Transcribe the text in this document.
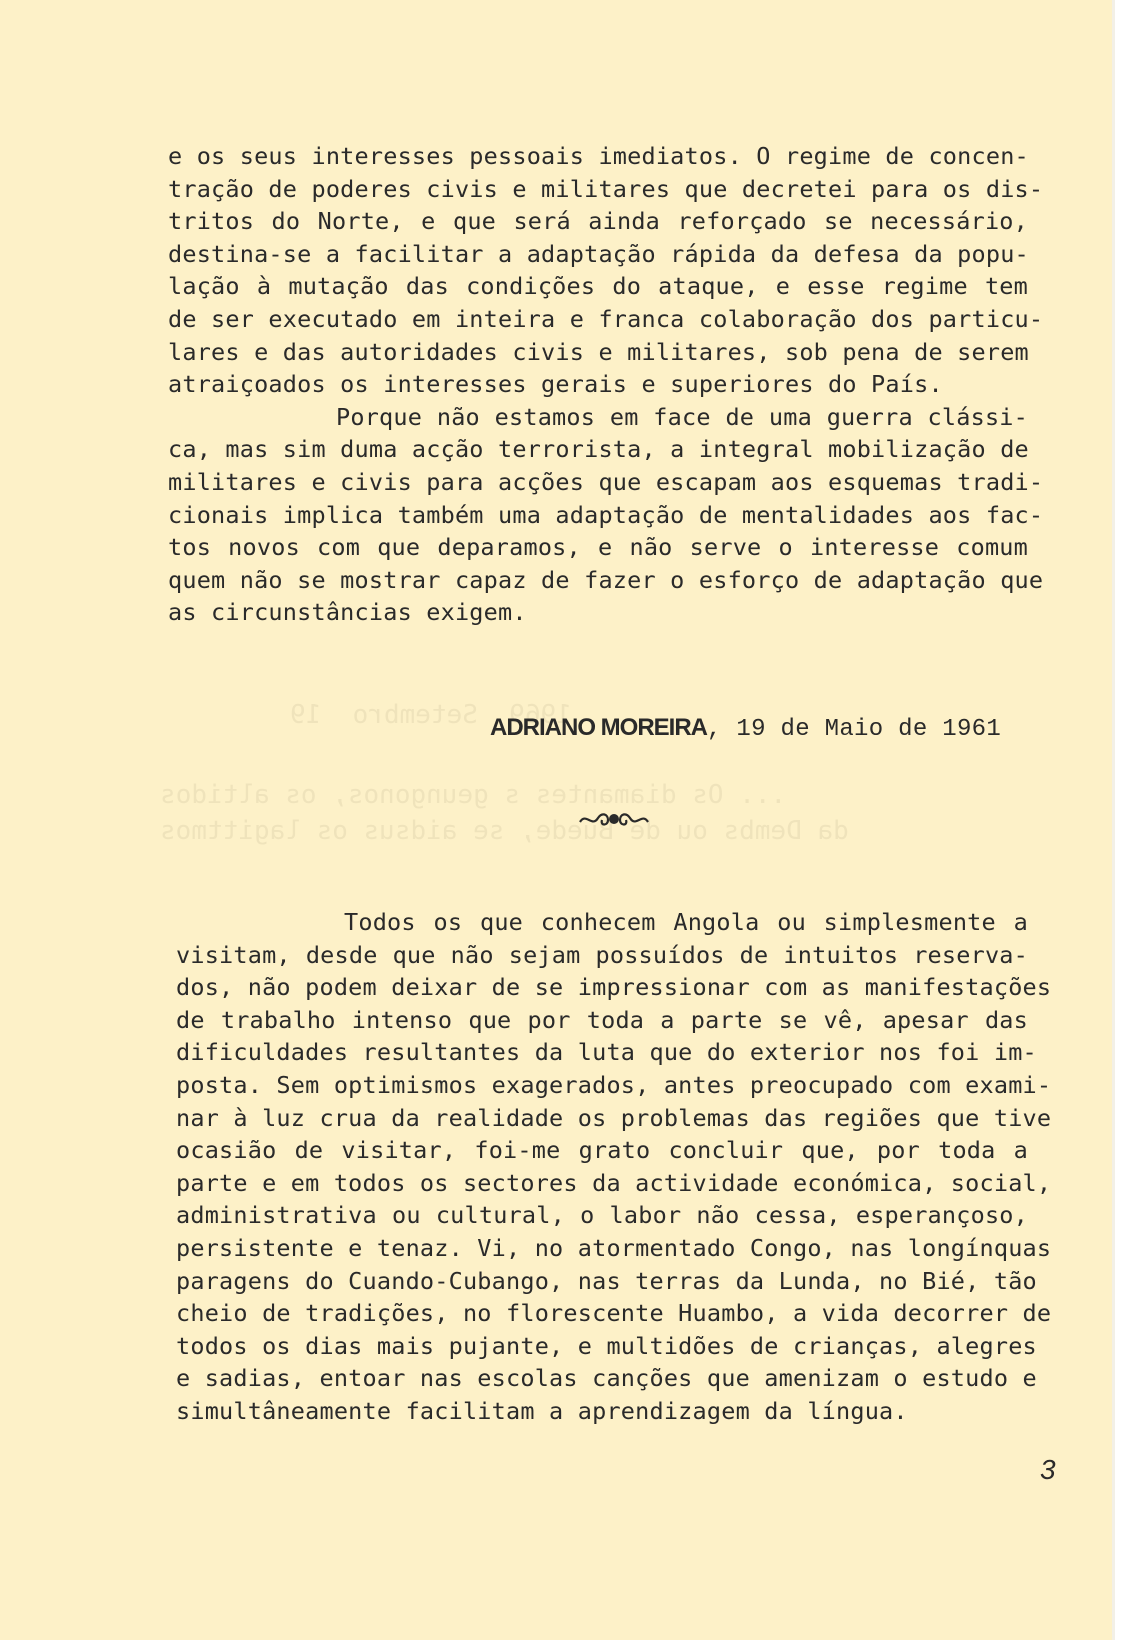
1969  Setembro  19
... Os diamantes s geungonos, os altidos
da Dembs ou de Buede, se aidsus os lagittmos
e os seus interesses pessoais imediatos. O regime de concen-
tração de poderes civis e militares que decretei para os dis-
tritos do Norte, e que será ainda reforçado se necessário,
destina-se a facilitar a adaptação rápida da defesa da popu-
lação à mutação das condições do ataque, e esse regime tem
de ser executado em inteira e franca colaboração dos particu-
lares e das autoridades civis e militares, sob pena de serem
atraiçoados os interesses gerais e superiores do País.
Porque não estamos em face de uma guerra clássi-
ca, mas sim duma acção terrorista, a integral mobilização de
militares e civis para acções que escapam aos esquemas tradi-
cionais implica também uma adaptação de mentalidades aos fac-
tos novos com que deparamos, e não serve o interesse comum
quem não se mostrar capaz de fazer o esforço de adaptação que
as circunstâncias exigem.
ADRIANO MOREIRA, 19 de Maio de 1961
Todos os que conhecem Angola ou simplesmente a
visitam, desde que não sejam possuídos de intuitos reserva-
dos, não podem deixar de se impressionar com as manifestações
de trabalho intenso que por toda a parte se vê, apesar das
dificuldades resultantes da luta que do exterior nos foi im-
posta. Sem optimismos exagerados, antes preocupado com exami-
nar à luz crua da realidade os problemas das regiões que tive
ocasião de visitar, foi-me grato concluir que, por toda a
parte e em todos os sectores da actividade económica, social,
administrativa ou cultural, o labor não cessa, esperançoso,
persistente e tenaz. Vi, no atormentado Congo, nas longínquas
paragens do Cuando-Cubango, nas terras da Lunda, no Bié, tão
cheio de tradições, no florescente Huambo, a vida decorrer de
todos os dias mais pujante, e multidões de crianças, alegres
e sadias, entoar nas escolas canções que amenizam o estudo e
simultâneamente facilitam a aprendizagem da língua.
3
